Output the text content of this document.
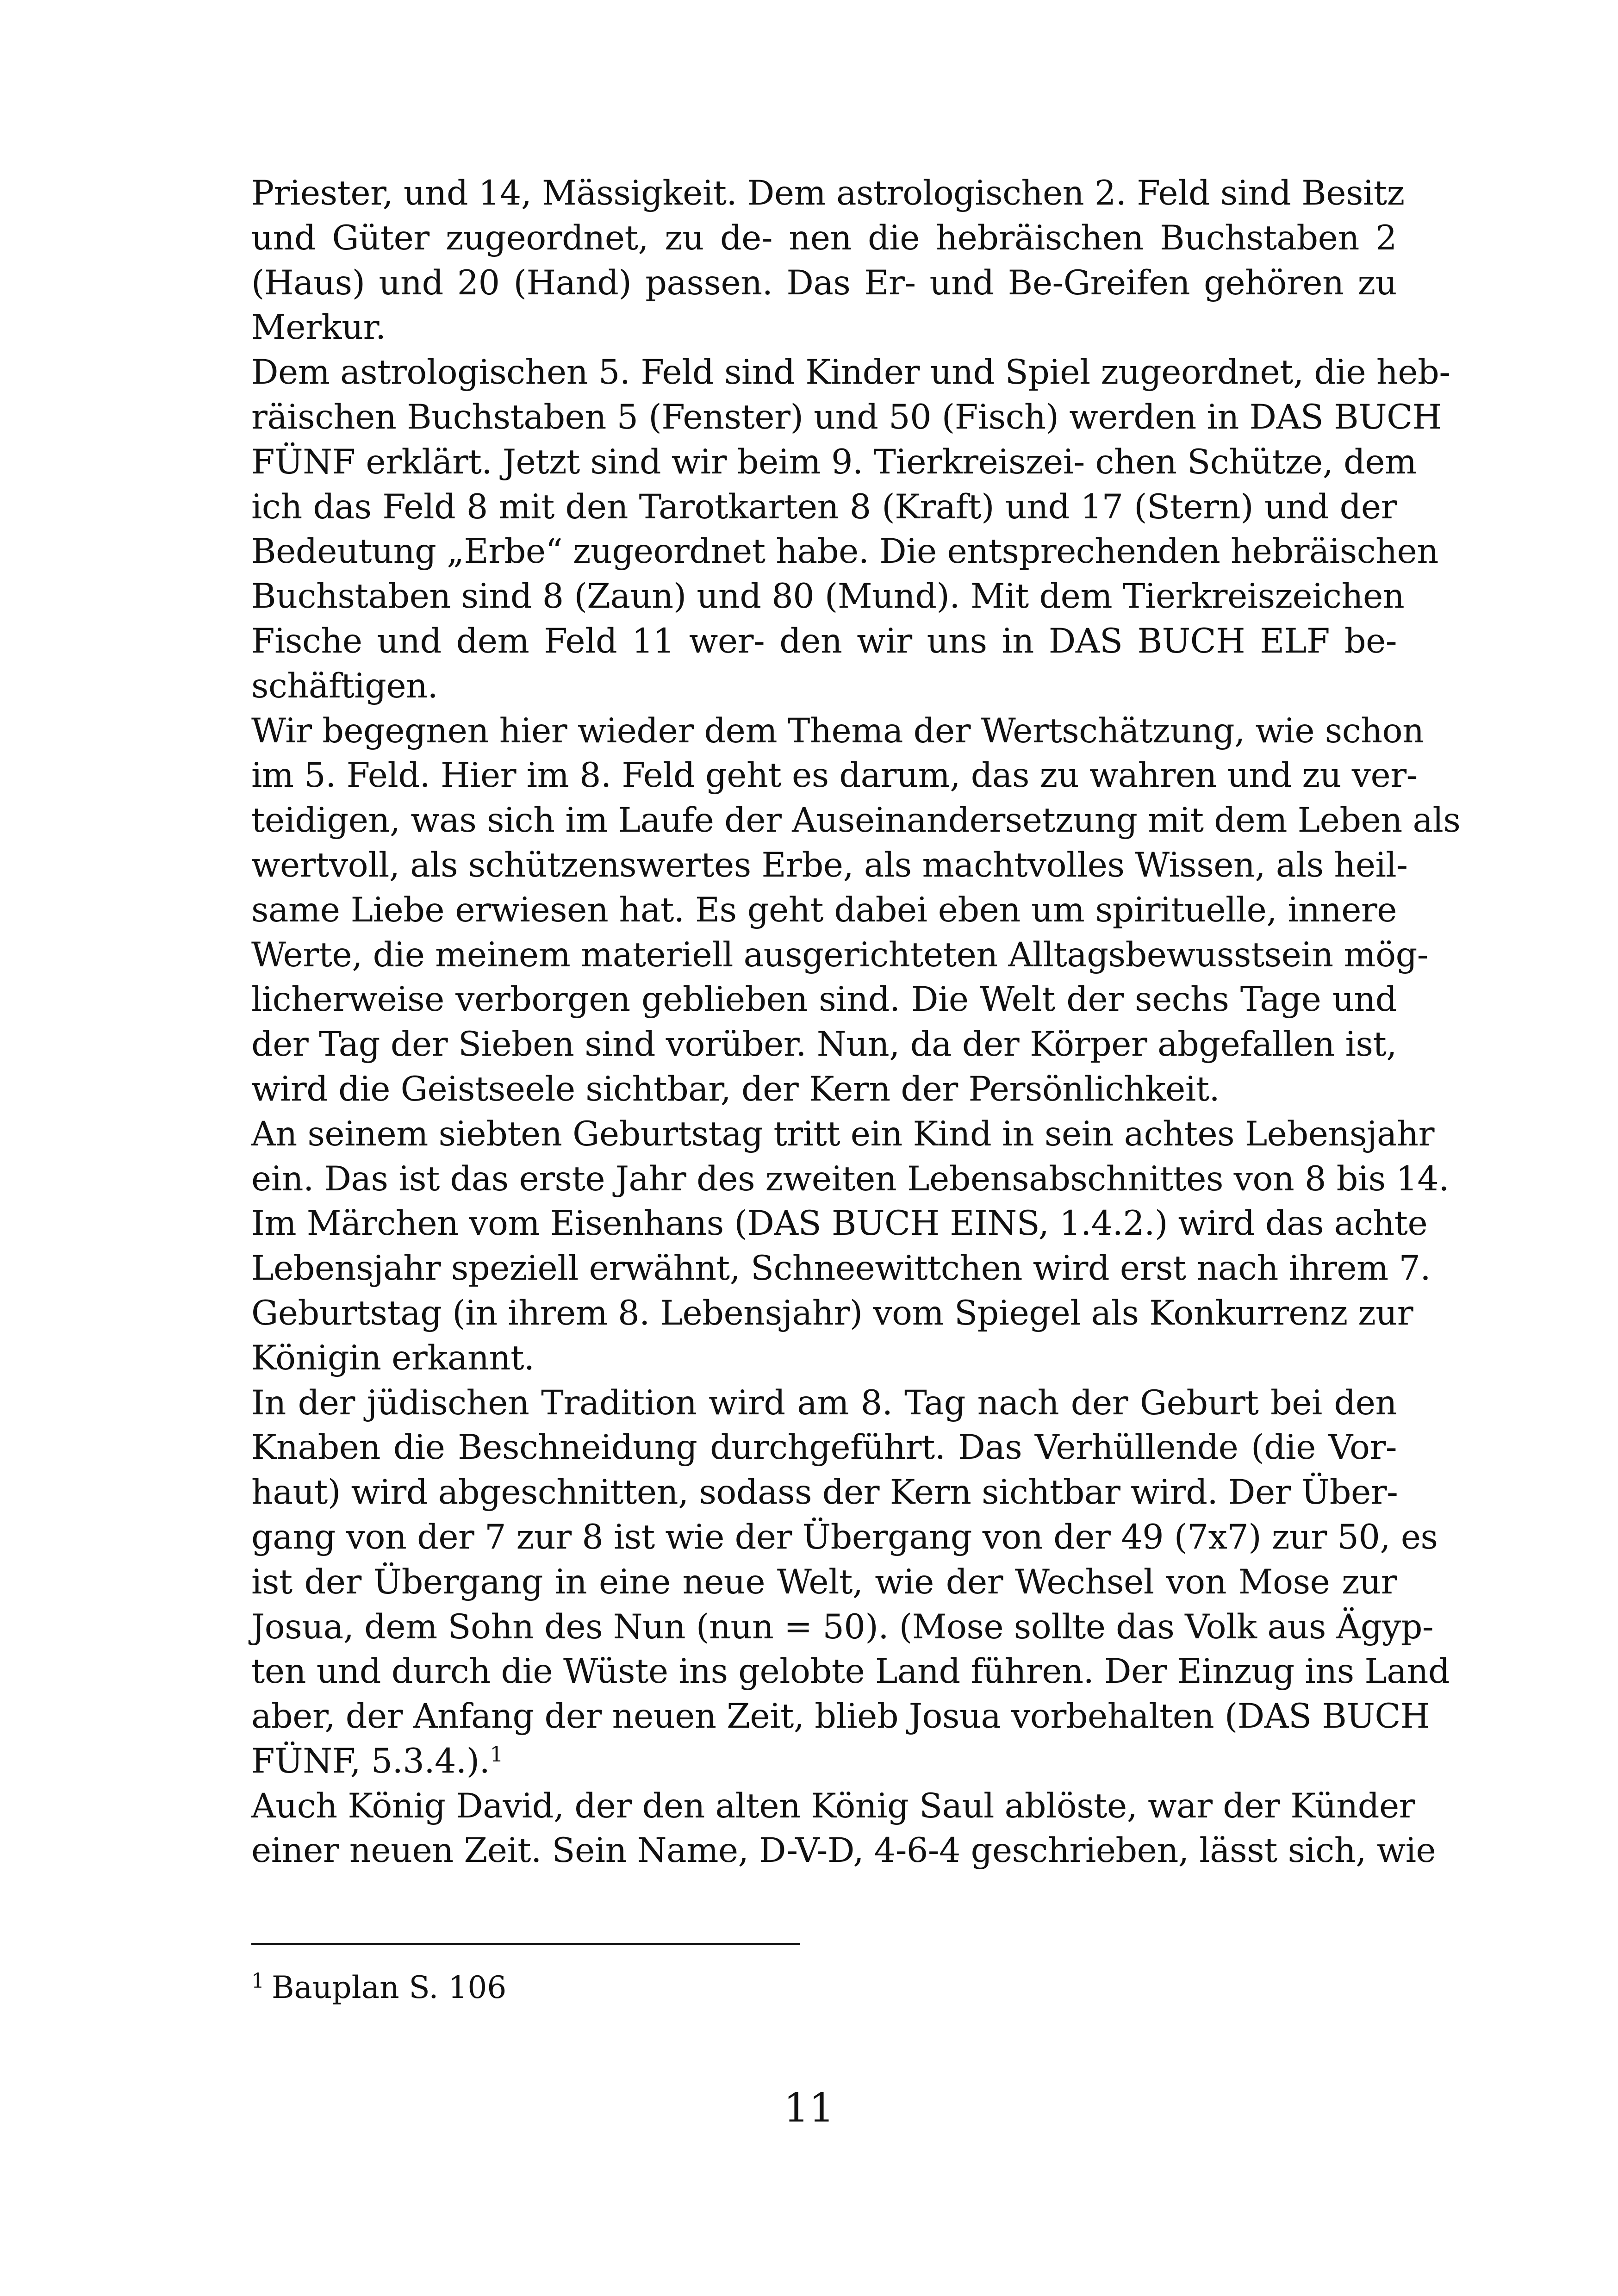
Priester, und 14, Mässigkeit. Dem astrologischen 2. Feld sind Besitz
und Güter zugeordnet, zu de- nen die hebräischen Buchstaben 2
(Haus) und 20 (Hand) passen. Das Er- und Be-Greifen gehören zu
Merkur.
Dem astrologischen 5. Feld sind Kinder und Spiel zugeordnet, die heb-
räischen Buchstaben 5 (Fenster) und 50 (Fisch) werden in DAS BUCH
FÜNF erklärt. Jetzt sind wir beim 9. Tierkreiszei- chen Schütze, dem
ich das Feld 8 mit den Tarotkarten 8 (Kraft) und 17 (Stern) und der
Bedeutung „Erbe“ zugeordnet habe. Die entsprechenden hebräischen
Buchstaben sind 8 (Zaun) und 80 (Mund). Mit dem Tierkreiszeichen
Fische und dem Feld 11 wer- den wir uns in DAS BUCH ELF be-
schäftigen.
Wir begegnen hier wieder dem Thema der Wertschätzung, wie schon
im 5. Feld. Hier im 8. Feld geht es darum, das zu wahren und zu ver-
teidigen, was sich im Laufe der Auseinandersetzung mit dem Leben als
wertvoll, als schützenswertes Erbe, als machtvolles Wissen, als heil-
same Liebe erwiesen hat. Es geht dabei eben um spirituelle, innere
Werte, die meinem materiell ausgerichteten Alltagsbewusstsein mög-
licherweise verborgen geblieben sind. Die Welt der sechs Tage und
der Tag der Sieben sind vorüber. Nun, da der Körper abgefallen ist,
wird die Geistseele sichtbar, der Kern der Persönlichkeit.
An seinem siebten Geburtstag tritt ein Kind in sein achtes Lebensjahr
ein. Das ist das erste Jahr des zweiten Lebensabschnittes von 8 bis 14.
Im Märchen vom Eisenhans (DAS BUCH EINS, 1.4.2.) wird das achte
Lebensjahr speziell erwähnt, Schneewittchen wird erst nach ihrem 7.
Geburtstag (in ihrem 8. Lebensjahr) vom Spiegel als Konkurrenz zur
Königin erkannt.
In der jüdischen Tradition wird am 8. Tag nach der Geburt bei den
Knaben die Beschneidung durchgeführt. Das Verhüllende (die Vor-
haut) wird abgeschnitten, sodass der Kern sichtbar wird. Der Über-
gang von der 7 zur 8 ist wie der Übergang von der 49 (7x7) zur 50, es
ist der Übergang in eine neue Welt, wie der Wechsel von Mose zur
Josua, dem Sohn des Nun (nun = 50). (Mose sollte das Volk aus Ägyp-
ten und durch die Wüste ins gelobte Land führen. Der Einzug ins Land
aber, der Anfang der neuen Zeit, blieb Josua vorbehalten (DAS BUCH
FÜNF, 5.3.4.).$^1$
Auch König David, der den alten König Saul ablöste, war der Künder
einer neuen Zeit. Sein Name, D-V-D, 4-6-4 geschrieben, lässt sich, wie
$^1$ Bauplan S. 106
11
